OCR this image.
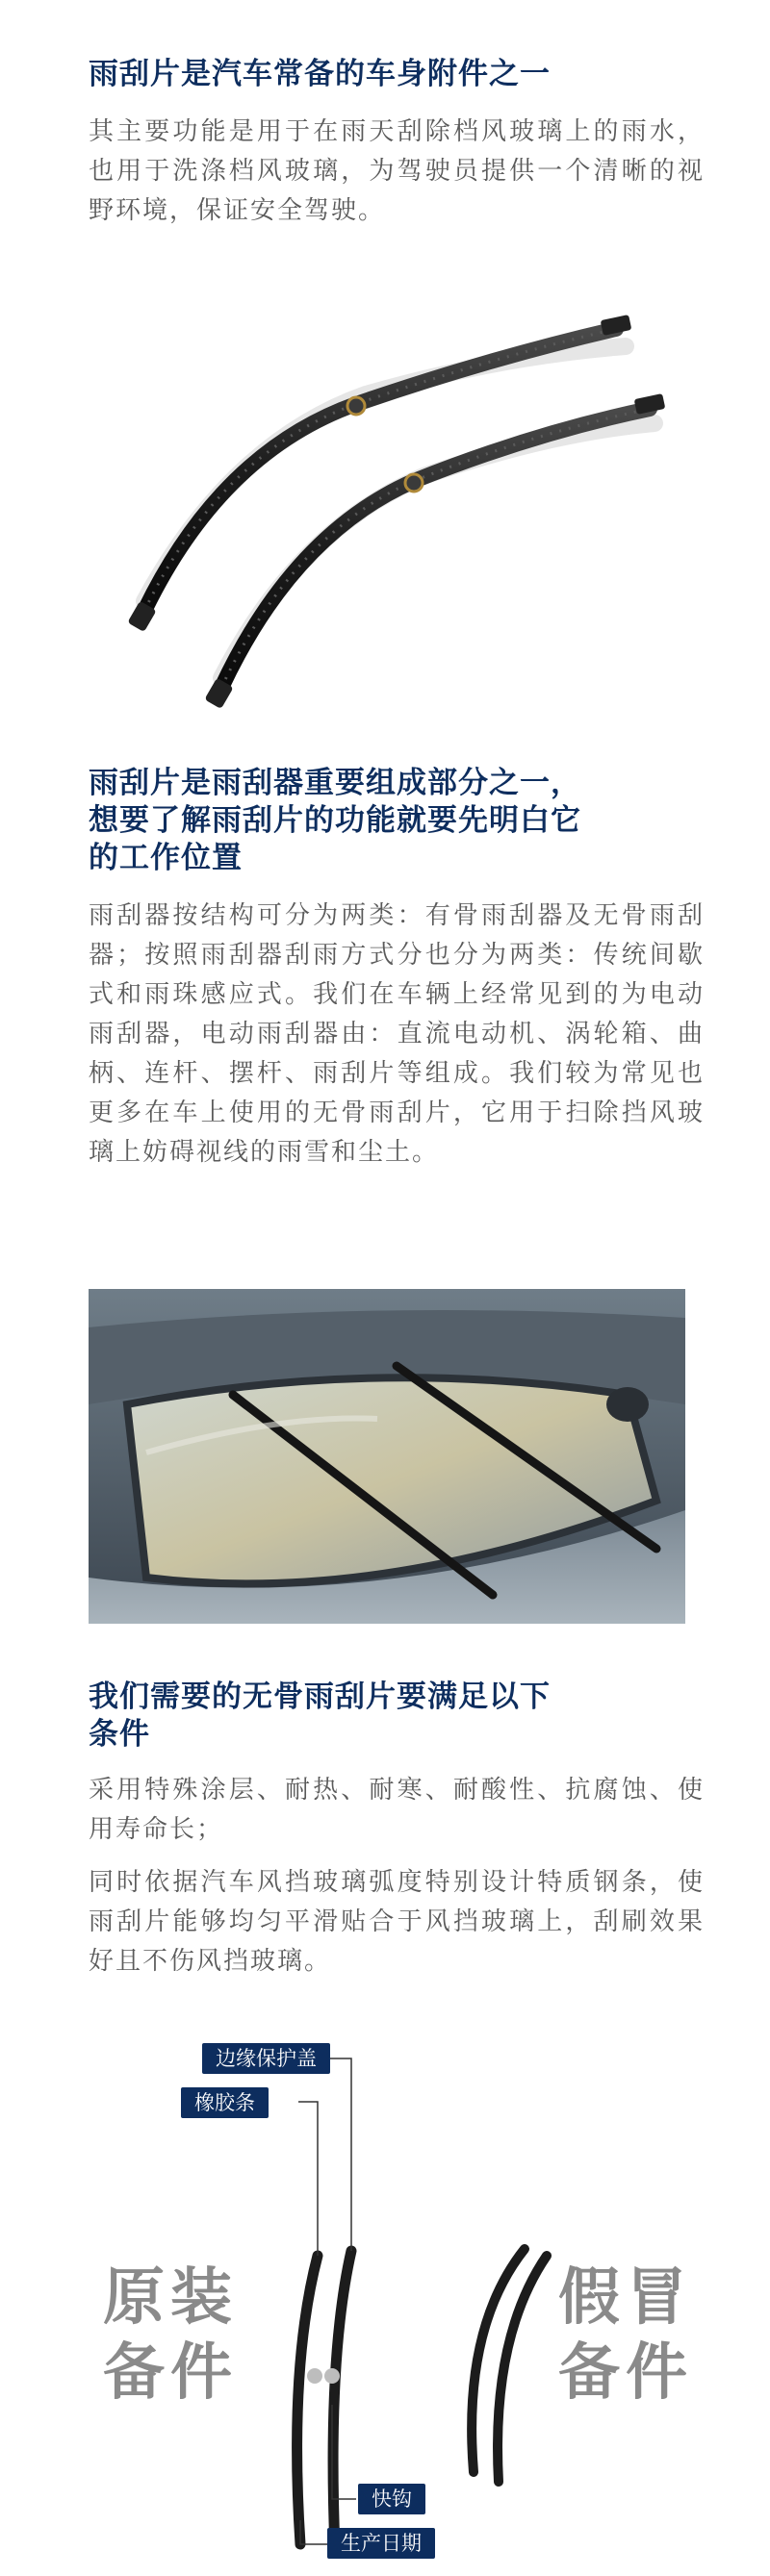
雨刮片是汽车常备的车身附件之一

其主要功能是用于在雨天刮除档风玻璃上的雨水，也用于洗涤档风玻璃，为驾驶员提供一个清晰的视野环境，保证安全驾驶。

雨刮片是雨刮器重要组成部分之一，
想要了解雨刮片的功能就要先明白它
的工作位置

雨刮器按结构可分为两类：有骨雨刮器及无骨雨刮器；按照雨刮器刮雨方式分也分为两类：传统间歇式和雨珠感应式。我们在车辆上经常见到的为电动雨刮器，电动雨刮器由：直流电动机、涡轮箱、曲柄、连杆、摆杆、雨刮片等组成。我们较为常见也更多在车上使用的无骨雨刮片，它用于扫除挡风玻璃上妨碍视线的雨雪和尘土。

我们需要的无骨雨刮片要满足以下
条件

采用特殊涂层、耐热、耐寒、耐酸性、抗腐蚀、使用寿命长；

同时依据汽车风挡玻璃弧度特别设计特质钢条，使雨刮片能够均匀平滑贴合于风挡玻璃上，刮刷效果好且不伤风挡玻璃。

边缘保护盖
橡胶条
快钩
生产日期
原装
备件
假冒
备件
